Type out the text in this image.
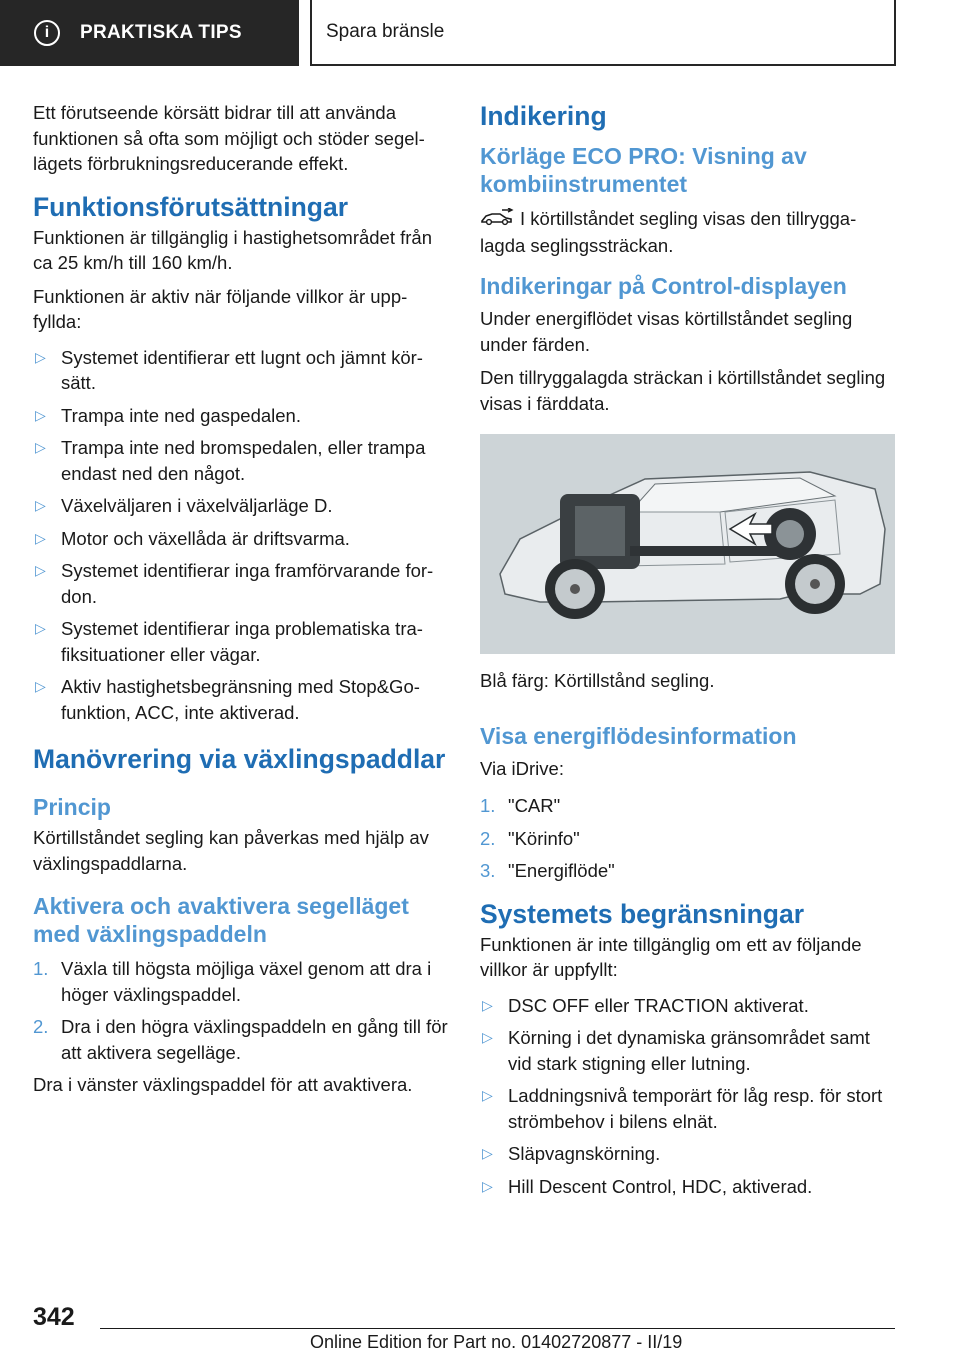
i	PRAKTISKA TIPS	Spara bränsle

Ett förutseende körsätt bidrar till att använda funktionen så ofta som möjligt och stöder segel-lägets förbrukningsreducerande effekt.

Funktionsförutsättningar

Funktionen är tillgänglig i hastighetsområdet från ca 25 km/h till 160 km/h.

Funktionen är aktiv när följande villkor är upp-fyllda:

▷ Systemet identifierar ett lugnt och jämnt kör-sätt.
▷ Trampa inte ned gaspedalen.
▷ Trampa inte ned bromspedalen, eller trampa endast ned den något.
▷ Växelväljaren i växelväljarläge D.
▷ Motor och växellåda är driftsvarma.
▷ Systemet identifierar inga framförvarande for-don.
▷ Systemet identifierar inga problematiska tra-fiksituationer eller vägar.
▷ Aktiv hastighetsbegränsning med Stop&Go-funktion, ACC, inte aktiverad.
Manövrering via växlingspaddlar
Princip

Körtillståndet segling kan påverkas med hjälp av växlingspaddlarna.

Aktivera och avaktivera segelläget med växlingspaddeln
1. Växla till högsta möjliga växel genom att dra i höger växlingspaddel.
2. Dra i den högra växlingspaddeln en gång till för att aktivera segelläge.

Dra i vänster växlingspaddel för att avaktivera.

Indikering
Körläge ECO PRO: Visning av kombiinstrumentet

I körtillståndet segling visas den tillrygga-lagda seglingssträckan.

Indikeringar på Control-displayen

Under energiflödet visas körtillståndet segling under färden.

Den tillryggalagda sträckan i körtillståndet segling visas i färddata.

Blå färg: Körtillstånd segling.

Visa energiflödesinformation

Via iDrive:

1. "CAR"
2. "Körinfo"
3. "Energiflöde"
Systemets begränsningar

Funktionen är inte tillgänglig om ett av följande villkor är uppfyllt:

▷ DSC OFF eller TRACTION aktiverat.
▷ Körning i det dynamiska gränsområdet samt vid stark stigning eller lutning.
▷ Laddningsnivå temporärt för låg resp. för stort strömbehov i bilens elnät.
▷ Släpvagnskörning.
▷ Hill Descent Control, HDC, aktiverad.
342
Online Edition for Part no. 01402720877 - II/19
